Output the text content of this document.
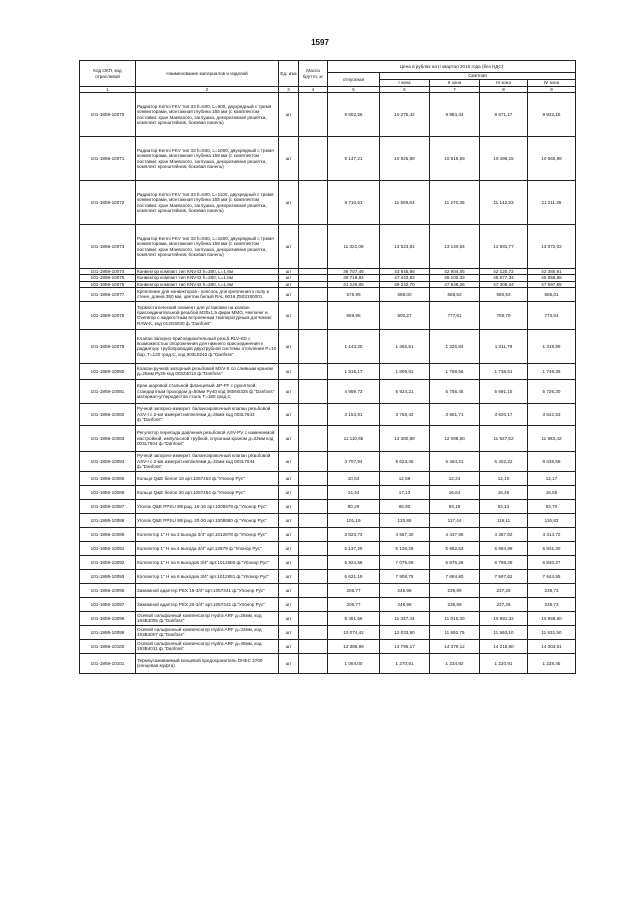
1597
Код ОКП, код отраслевой	Наименование материалов и изделий	Ед. изм	Масса брутто, кг	Цена в рублях на II квартал 2016 года (без НДС)				
				отпускная	Сметная			
					I зона	II зона	III зона	IV зона
1	2	3	4	5	6	7	8	9
101-1959-10070	Радиатор Kermi FKV тип 33 h=500, L=900, двухрядный с тремя конвекторами, монтажная глубина 155 мм (с комплектом поставки: кран Маевского, заглушка, декоративная решетка, комплект кронштейнов, боковая панель)	шт		8 602,55	10 275,42	9 984,44	9 671,17	9 932,15
101-1959-10071	Радиатор Kermi FKV тип 33 h=500, L=1000, двухрядный с тремя конвекторами, монтажная глубина 155 мм (с комплектом поставки: кран Маевского, заглушка, декоративная решетка, комплект кронштейнов, боковая панель)	шт		9 147,21	10 925,99	10 616,59	10 496,15	10 560,99
101-1959-10072	Радиатор Kermi FKV тип 33 h=500, L=1100, двухрядный с тремя конвекторами, монтажная глубина 155 мм (с комплектом поставки: кран Маевского, заглушка, декоративная решетка, комплект кронштейнов, боковая панель)	шт		9 710,51	11 598,64	11 270,38	11 142,53	11 211,36
101-1959-10073	Радиатор Kermi FKV тип 33 h=500, L=1600, двухрядный с тремя конвекторами, монтажная глубина 155 мм (с комплектом поставки: кран Маевского, заглушка, декоративная решетка, комплект кронштейнов, боковая панель)	шт		11 322,09	13 523,81	13 140,84	12 991,77	13 072,02
101-1959-10074	Конвектор компакт тип KNV43 h=280, L=1,6м	шт		36 707,48	43 845,86	42 604,05	42 120,72	42 380,91
101-1959-10075	Конвектор компакт тип KNV43 h=280, L=1,8м	шт		39 719,84	47 443,83	46 100,33	45 577,34	45 858,88
101-1959-10076	Конвектор компакт тип KNV43 h=280, L=1,9м	шт		41 225,85	49 242,70	47 848,26	47 305,44	47 597,65
101-1959-10077	Крепление для конвекторов - консоль для крепления к полу и стене, длина 350 мм, цветом белый RAL 9016 Z503180001	шт		575,99	688,00	668,52	660,93	665,01
101-1959-10078	Термостатический элемент для установки на клапан присоединительной резьбой M30x1,5 фирм MMG, Heimeier и Oventrop с жидкостным встроенным температурным датчиком: RAW-K, код 013G5030 ф."Danfoss"	шт		669,98	800,27	777,61	768,79	773,54
101-1959-10079	Клапан запорно-присоединительный резьб.RLV-KD с возможностью опорожнения для нижнего присоединения к радиатору трубопроводов двухтрубной системы отопления Р=10 бар, Т=120 град.С, код 003L0240 ф."Danfoss"	шт		1 143,20	1 365,51	1 326,84	1 311,79	1 319,89
101-1959-10080	Клапан ручной запорный резьбовой MSV-S со сливным краном д=25мм Ру25 код 003Z4013 ф."Danfoss"	шт		1 515,17	1 809,81	1 758,56	1 738,61	1 749,35
101-1959-10081	Кран шаровой стальной фланцевый JiP-FF с рукояткой, стандартным проходом д=50мм Ру40 код 065N0325 ф."Danfoss" материал-углеродистая сталь Т=180 град.С	шт		4 959,73	5 924,21	5 756,45	5 691,15	5 726,30
101-1959-10082	Ручной запорно-измерит. балансировочный клапан резьбовой ASV-I с 2-мя измерит.ниппелями д=25мм код 003L7643 ф."Danfoss"	шт		3 154,91	3 758,42	3 661,71	3 620,17	3 642,53
101-1959-10083	Регулятор перепада давления резьбовой ASV-PV с изменяемой настройкой, импульсной трубкой, спускным краном д=32мм код 003L7604 ф."Danfoss"	шт		11 110,65	12 380,89	12 098,50	11 927,62	11 983,42
101-1959-10084	Ручной запорно-измерит. балансировочный клапан резьбовой ASV-I с 2-мя измерит.ниппелями д=32мм код 003L7644 ф."Danfoss"	шт		4 707,94	5 623,45	5 464,21	5 402,22	5 435,59
101-1959-10085	Кольцо Q&E белое 16 арт.1057453 ф."Упонор Рус"	шт		10,54	12,59	12,24	12,10	12,17
101-1959-10086	Кольцо Q&E белое 20 арт.1057454 ф."Упонор Рус"	шт		14,34	17,13	16,64	16,45	16,56
101-1959-10087	Уголок Q&E PPSU 90град. 16-16 арт.1008679 ф."Упонор Рус"	шт		80,29	95,90	93,19	92,13	92,70
101-1959-10088	Уголок Q&E PPSU 90град. 20-20 арт.1008680 ф."Упонор Рус"	шт		101,19	120,86	117,44	116,11	116,83
101-1959-10089	Коллектор 1" Н на 3 выхода 3/4" арт.1012878 ф."Упонор Рус"	шт		3 823,73	4 567,30	4 437,96	4 387,62	4 414,72
101-1959-10091	Коллектор 1" Н на 4 выхода 3/4" арт.12879 ф."Упонор Рус"	шт		5 137,29	6 136,29	5 962,53	5 894,89	5 931,30
101-1959-10092	Коллектор 1" Н на 5 выходов 3/4" арт.1012880 ф."Упонор Рус"	шт		5 924,58	7 076,68	6 876,28	6 798,28	6 840,27
101-1959-10093	Коллектор 1" Н на 6 выходов 3/4" арт.1012881 ф."Упонор Рус"	шт		6 621,19	7 908,75	7 684,80	7 597,62	7 644,55
101-1959-10095	Зажимной адаптер PEX 16-3/4" арт.1057441 ф."Упонор Рус"	шт		206,77	246,98	239,99	237,26	238,73
101-1959-10097	Зажимной адаптер PEX 20-3/4" арт.1057442 ф."Упонор Рус"	шт		206,77	246,98	239,99	237,26	238,73
101-1959-10098	Осевой сильфонный компенсатор Hydra ARF д=25мм, код 193B4005 ф."Danfoss"	шт		9 491,59	11 337,34	11 016,30	10 891,32	10 958,60
101-1959-10099	Осевой сильфонный компенсатор Hydra ARF д=32мм, код 193B4007 ф."Danfoss"	шт		10 074,42	12 033,50	11 692,75	11 560,10	11 631,50
101-1959-10100	Осевой сильфонный компенсатор Hydra ARF д=40мм, код 193B4011 ф."Danfoss"	шт		12 386,99	14 795,17	14 379,12	14 215,60	14 303,61
101-1959-10101	Термоусаживаемый концевой предохранитель DHEC 2700 (концевая муфта)	шт		1 064,00	1 270,91	1 234,92	1 220,91	1 228,45
